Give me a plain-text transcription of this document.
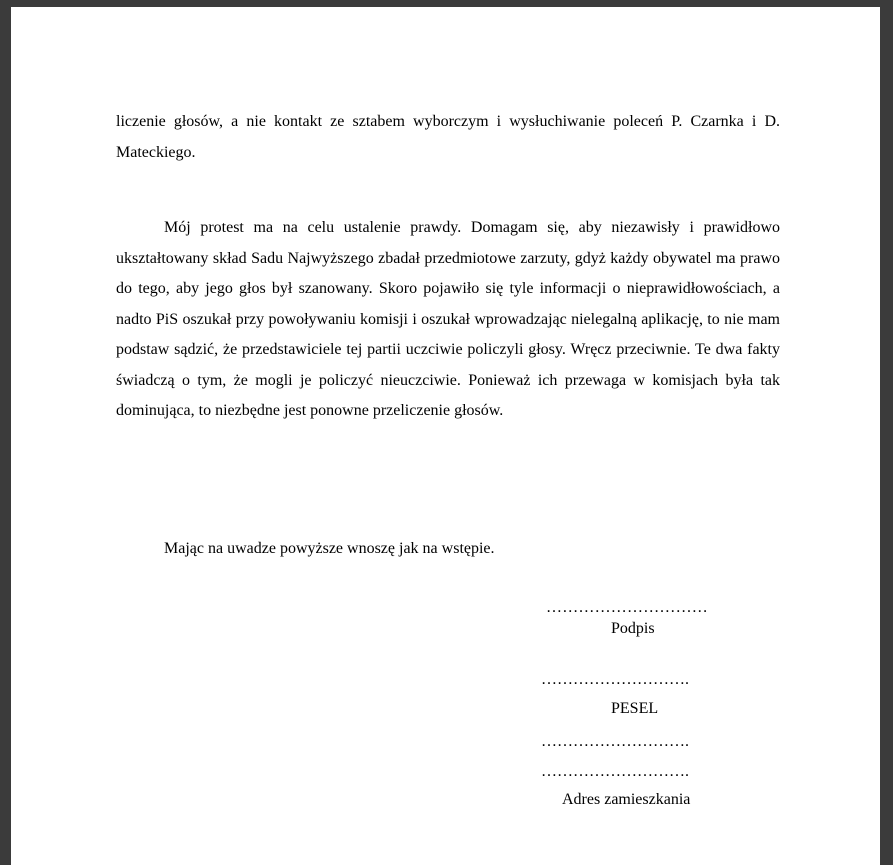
liczenie głosów, a nie kontakt ze sztabem wyborczym i wysłuchiwanie poleceń P. Czarnka i D. Mateckiego.

Mój protest ma na celu ustalenie prawdy. Domagam się, aby niezawisły i prawidłowo ukształtowany skład Sadu Najwyższego zbadał przedmiotowe zarzuty, gdyż każdy obywatel ma prawo do tego, aby jego głos był szanowany. Skoro pojawiło się tyle informacji o nieprawidłowościach, a nadto PiS oszukał przy powoływaniu komisji i oszukał wprowadzając nielegalną aplikację, to nie mam podstaw sądzić, że przedstawiciele tej partii uczciwie policzyli głosy. Wręcz przeciwnie. Te dwa fakty świadczą o tym, że mogli je policzyć nieuczciwie. Ponieważ ich przewaga w komisjach była tak dominująca, to niezbędne jest ponowne przeliczenie głosów.

Mając na uwadze powyższe wnoszę jak na wstępie.

…………………………
Podpis
……………………….
PESEL
……………………….
……………………….
Adres zamieszkania
